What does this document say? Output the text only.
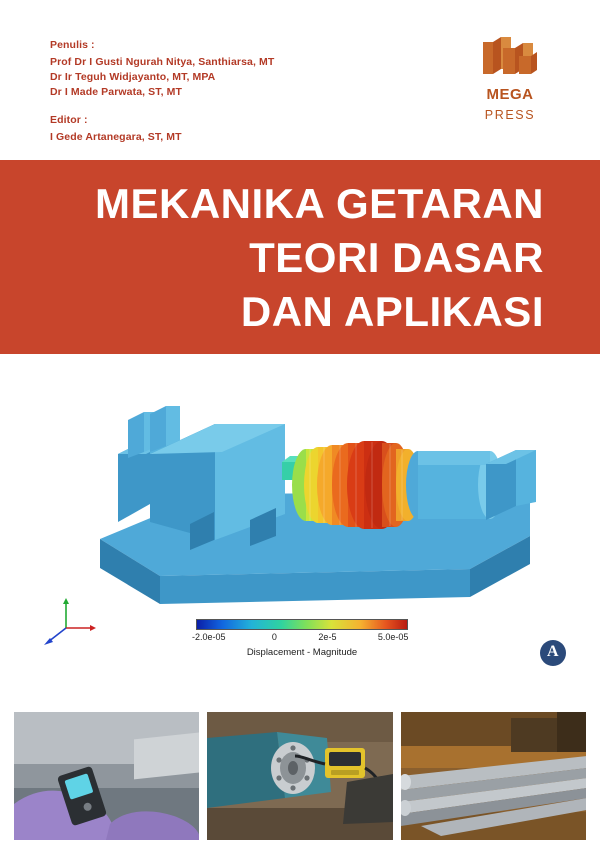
Penulis :
Prof Dr I Gusti Ngurah Nitya, Santhiarsa, MT
Dr Ir Teguh Widjayanto, MT, MPA
Dr I Made Parwata, ST, MT
Editor :
I Gede Artanegara, ST, MT
MEGA
PRESS
MEKANIKA GETARAN
TEORI DASAR
DAN APLIKASI
-2.0e-05	0	2e-5	5.0e-05
Displacement - Magnitude	A
